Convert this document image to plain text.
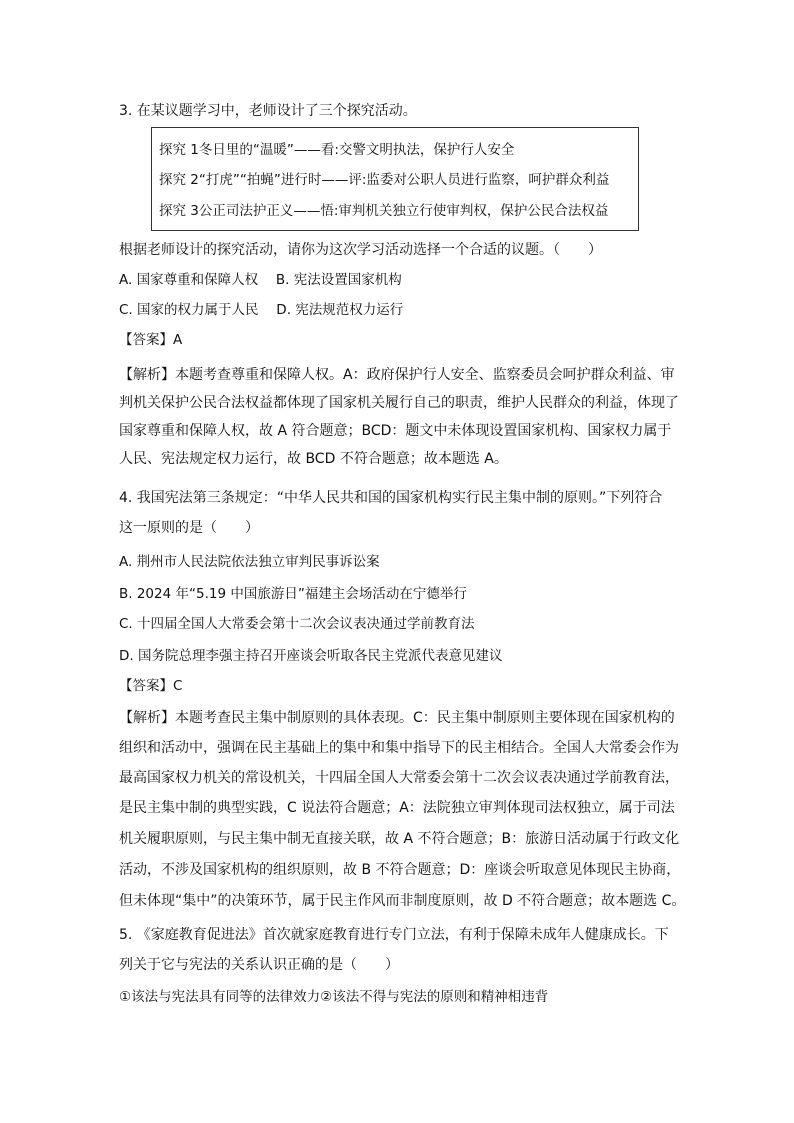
3. 在某议题学习中，老师设计了三个探究活动。
探究 1冬日里的“温暖”——看:交警文明执法，保护行人安全
探究 2“打虎”“拍蝇”进行时——评:监委对公职人员进行监察，呵护群众利益
探究 3公正司法护正义——悟:审判机关独立行使审判权，保护公民合法权益
根据老师设计的探究活动，请你为这次学习活动选择一个合适的议题。（　　）
A. 国家尊重和保障人权　 B. 宪法设置国家机构
C. 国家的权力属于人民　 D. 宪法规范权力运行
【答案】A
【解析】本题考查尊重和保障人权。A：政府保护行人安全、监察委员会呵护群众利益、审
判机关保护公民合法权益都体现了国家机关履行自己的职责，维护人民群众的利益，体现了
国家尊重和保障人权，故 A 符合题意；BCD：题文中未体现设置国家机构、国家权力属于
人民、宪法规定权力运行，故 BCD 不符合题意；故本题选 A。
4. 我国宪法第三条规定：“中华人民共和国的国家机构实行民主集中制的原则。”下列符合
这一原则的是（　　）
A. 荆州市人民法院依法独立审判民事诉讼案
B. 2024 年“5.19 中国旅游日”福建主会场活动在宁德举行
C. 十四届全国人大常委会第十二次会议表决通过学前教育法
D. 国务院总理李强主持召开座谈会听取各民主党派代表意见建议
【答案】C
【解析】本题考查民主集中制原则的具体表现。C：民主集中制原则主要体现在国家机构的
组织和活动中，强调在民主基础上的集中和集中指导下的民主相结合。全国人大常委会作为
最高国家权力机关的常设机关，十四届全国人大常委会第十二次会议表决通过学前教育法，
是民主集中制的典型实践，C 说法符合题意；A：法院独立审判体现司法权独立，属于司法
机关履职原则，与民主集中制无直接关联，故 A 不符合题意；B：旅游日活动属于行政文化
活动，不涉及国家机构的组织原则，故 B 不符合题意；D：座谈会听取意见体现民主协商，
但未体现“集中”的决策环节，属于民主作风而非制度原则，故 D 不符合题意；故本题选 C。
5. 《家庭教育促进法》首次就家庭教育进行专门立法，有利于保障未成年人健康成长。下
列关于它与宪法的关系认识正确的是（　　）
①该法与宪法具有同等的法律效力②该法不得与宪法的原则和精神相违背
